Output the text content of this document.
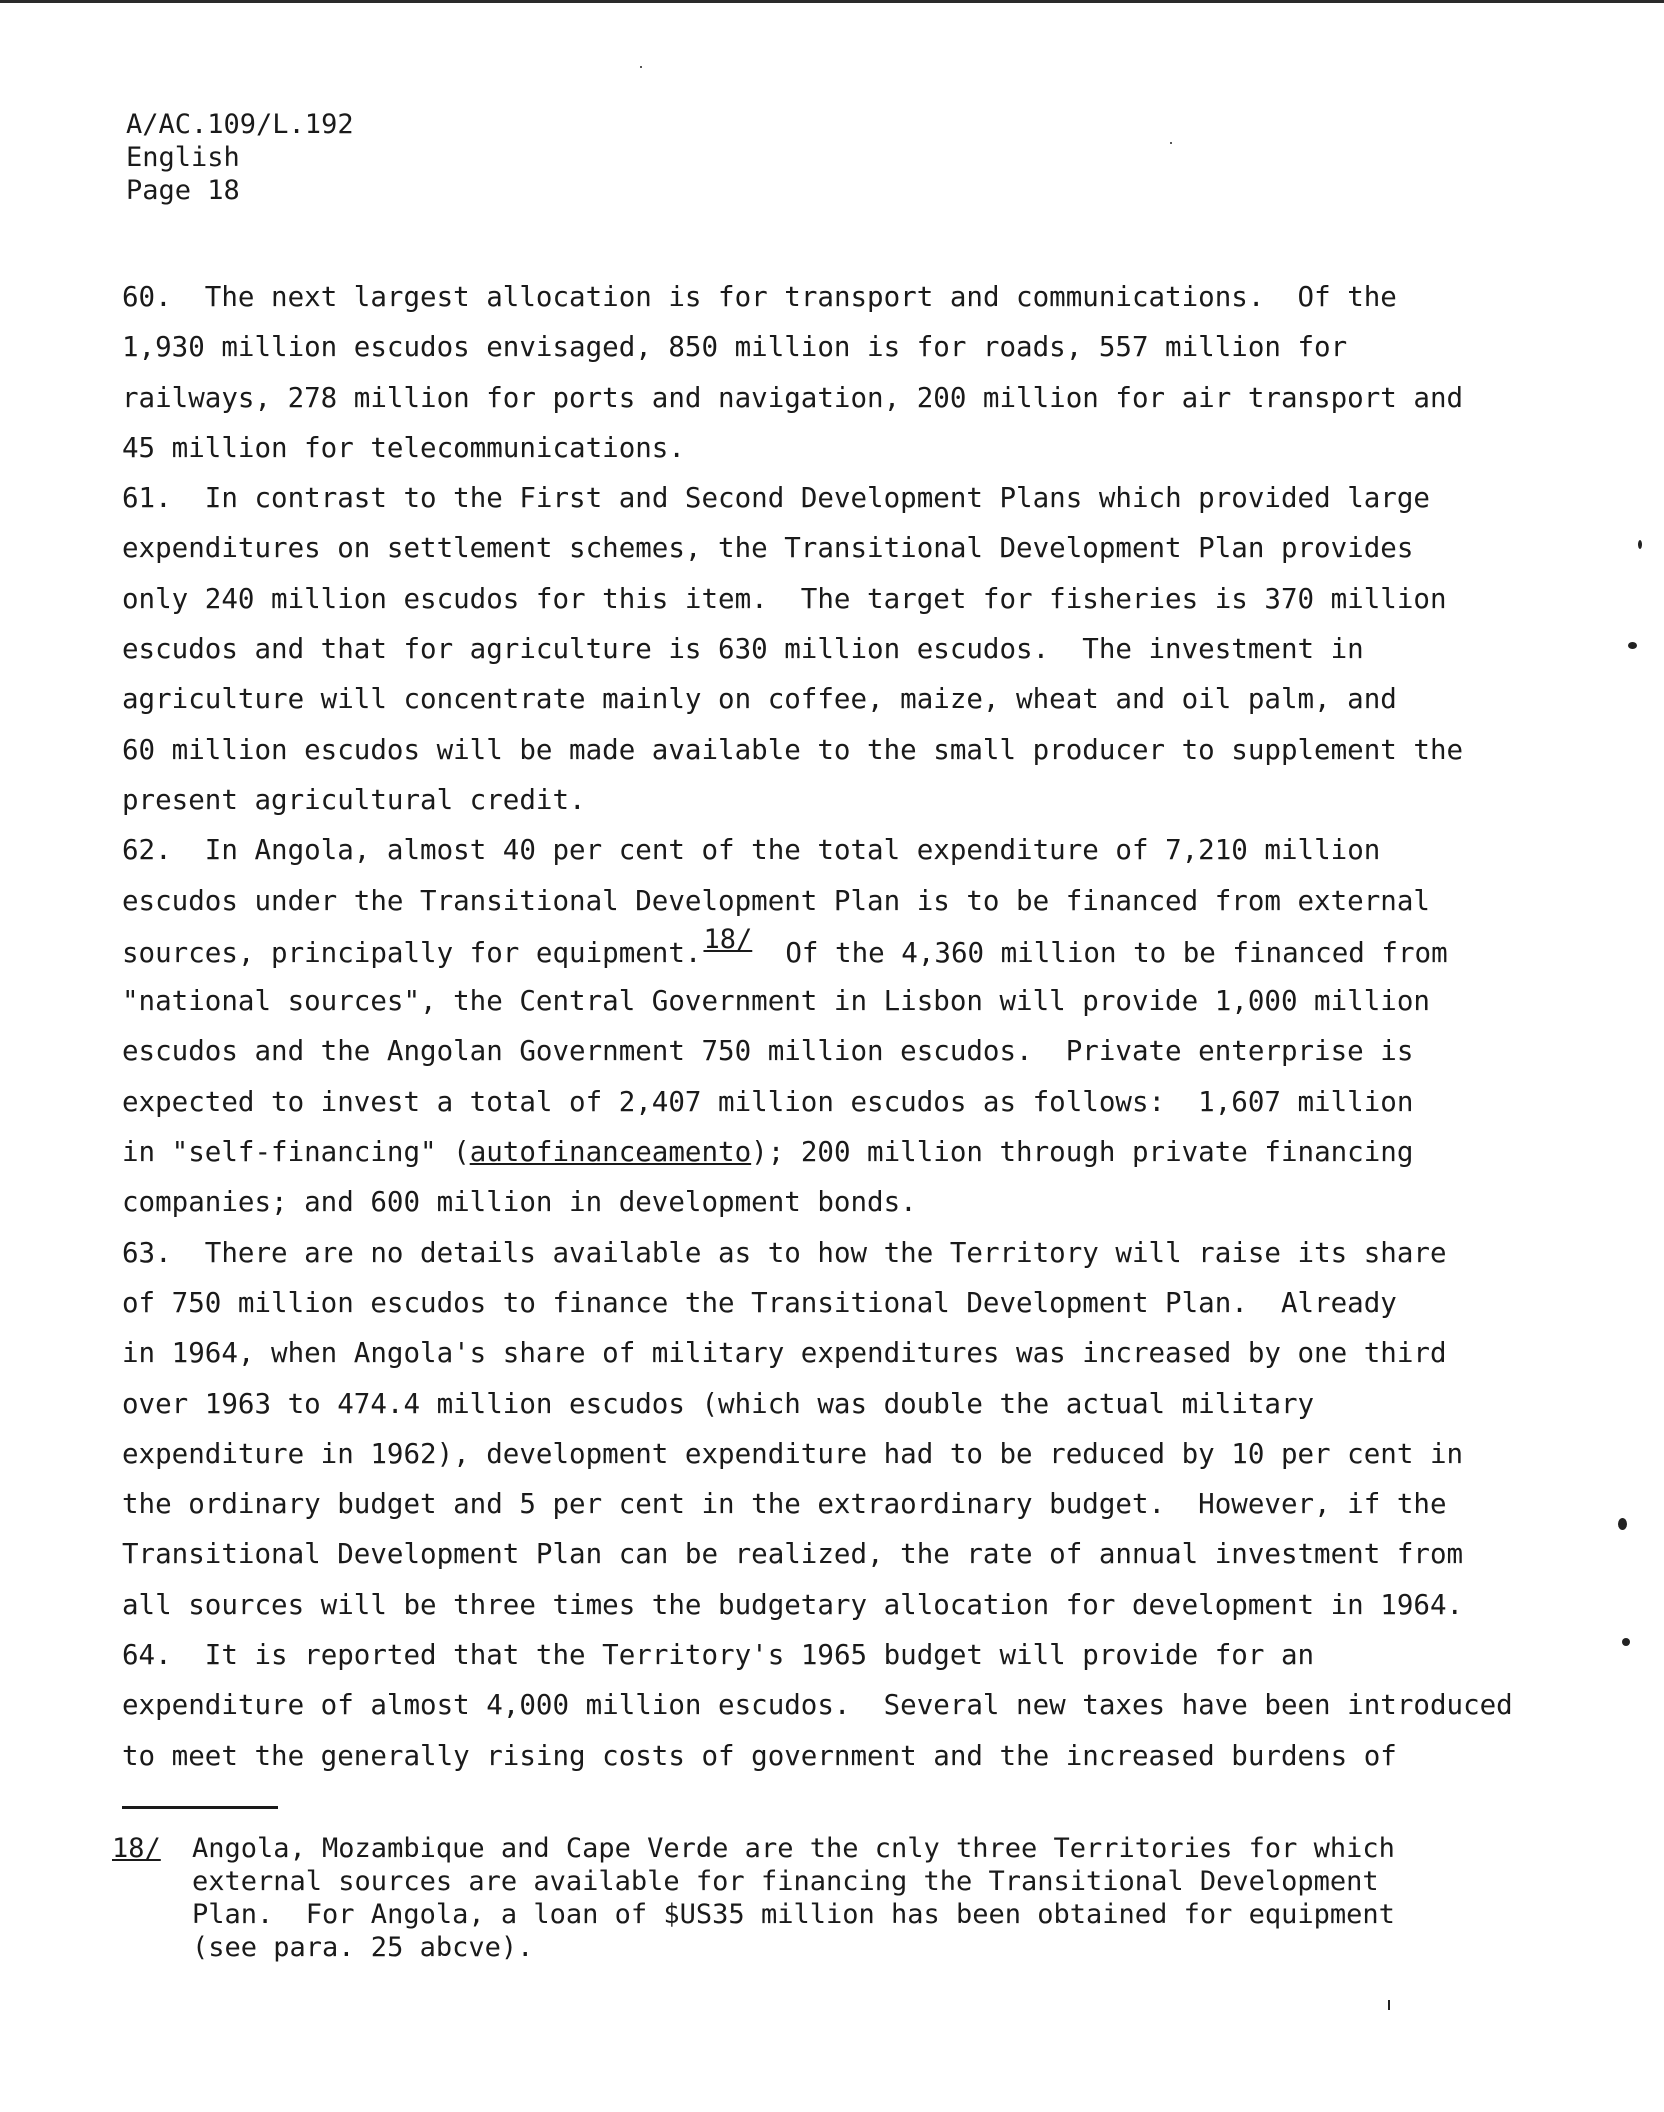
A/AC.109/L.192
English
Page 18
60. The next largest allocation is for transport and communications.  Of the
1,930 million escudos envisaged, 850 million is for roads, 557 million for
railways, 278 million for ports and navigation, 200 million for air transport and
45 million for telecommunications.
61. In contrast to the First and Second Development Plans which provided large
expenditures on settlement schemes, the Transitional Development Plan provides
only 240 million escudos for this item.  The target for fisheries is 370 million
escudos and that for agriculture is 630 million escudos.  The investment in
agriculture will concentrate mainly on coffee, maize, wheat and oil palm, and
60 million escudos will be made available to the small producer to supplement the
present agricultural credit.
62. In Angola, almost 40 per cent of the total expenditure of 7,210 million
escudos under the Transitional Development Plan is to be financed from external
sources, principally for equipment.18/  Of the 4,360 million to be financed from
"national sources", the Central Government in Lisbon will provide 1,000 million
escudos and the Angolan Government 750 million escudos.  Private enterprise is
expected to invest a total of 2,407 million escudos as follows:  1,607 million
in "self-financing" (autofinanceamento); 200 million through private financing
companies; and 600 million in development bonds.
63. There are no details available as to how the Territory will raise its share
of 750 million escudos to finance the Transitional Development Plan.  Already
in 1964, when Angola's share of military expenditures was increased by one third
over 1963 to 474.4 million escudos (which was double the actual military
expenditure in 1962), development expenditure had to be reduced by 10 per cent in
the ordinary budget and 5 per cent in the extraordinary budget.  However, if the
Transitional Development Plan can be realized, the rate of annual investment from
all sources will be three times the budgetary allocation for development in 1964.
64. It is reported that the Territory's 1965 budget will provide for an
expenditure of almost 4,000 million escudos.  Several new taxes have been introduced
to meet the generally rising costs of government and the increased burdens of
18/ Angola, Mozambique and Cape Verde are the cnly three Territories for which
external sources are available for financing the Transitional Development
Plan.  For Angola, a loan of $US35 million has been obtained for equipment
(see para. 25 abcve).
